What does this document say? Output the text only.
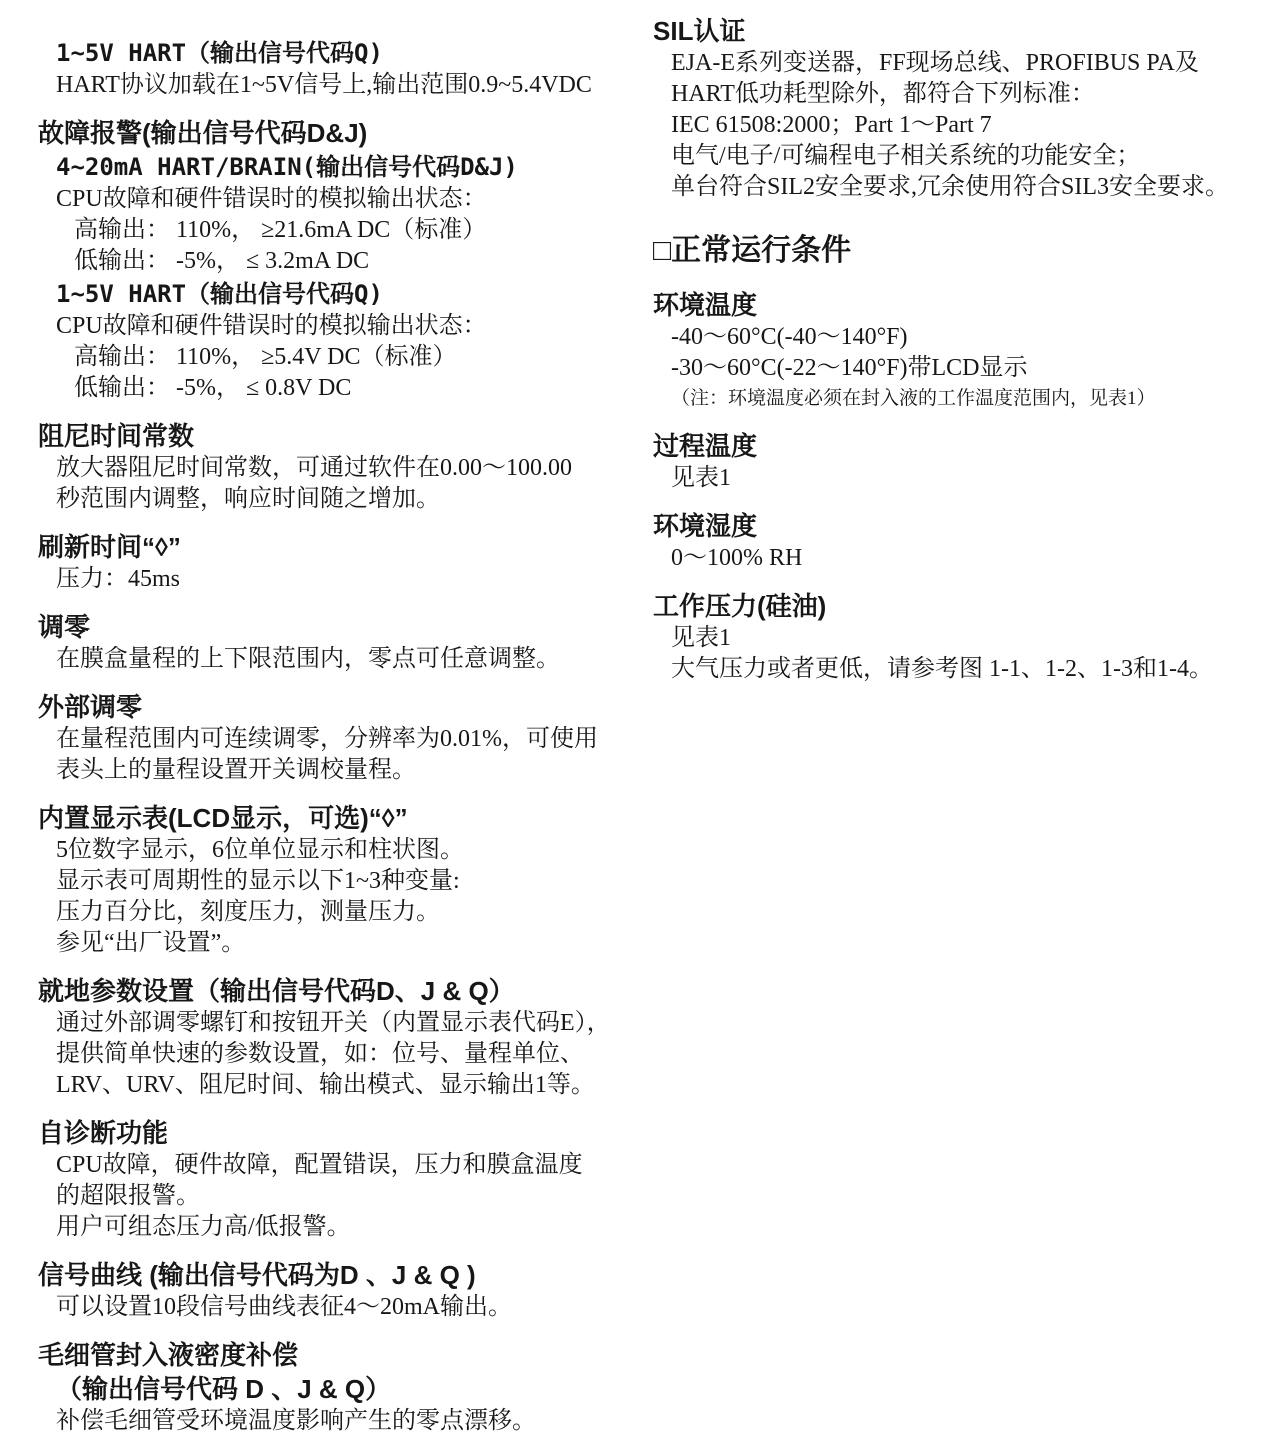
1~5V HART（输出信号代码Q)
HART协议加载在1~5V信号上,输出范围0.9~5.4VDC
故障报警(输出信号代码D&J)
4~20mA HART/BRAIN(输出信号代码D&J)
CPU故障和硬件错误时的模拟输出状态：
高输出： 110%， ≥21.6mA DC（标准）
低输出： -5%， ≤ 3.2mA DC
1~5V HART（输出信号代码Q)
CPU故障和硬件错误时的模拟输出状态：
高输出： 110%， ≥5.4V DC（标准）
低输出： -5%， ≤ 0.8V DC
阻尼时间常数
放大器阻尼时间常数，可通过软件在0.00～100.00
秒范围内调整，响应时间随之增加。
刷新时间“◊”
压力：45ms
调零
在膜盒量程的上下限范围内，零点可任意调整。
外部调零
在量程范围内可连续调零，分辨率为0.01%，可使用
表头上的量程设置开关调校量程。
内置显示表(LCD显示，可选)“◊”
5位数字显示，6位单位显示和柱状图。
显示表可周期性的显示以下1~3种变量:
压力百分比，刻度压力，测量压力。
参见“出厂设置”。
就地参数设置（输出信号代码D、J & Q）
通过外部调零螺钉和按钮开关（内置显示表代码E），
提供简单快速的参数设置，如：位号、量程单位、
LRV、URV、阻尼时间、输出模式、显示输出1等。
自诊断功能
CPU故障，硬件故障，配置错误，压力和膜盒温度
的超限报警。
用户可组态压力高/低报警。
信号曲线 (输出信号代码为D 、J & Q )
可以设置10段信号曲线表征4～20mA输出。
毛细管封入液密度补偿
（输出信号代码 D 、J & Q）
补偿毛细管受环境温度影响产生的零点漂移。
SIL认证
EJA-E系列变送器，FF现场总线、PROFIBUS PA及
HART低功耗型除外，都符合下列标准：
IEC 61508:2000；Part 1～Part 7
电气/电子/可编程电子相关系统的功能安全；
单台符合SIL2安全要求,冗余使用符合SIL3安全要求。
□正常运行条件
环境温度
-40～60°C(-40～140°F)
-30～60°C(-22～140°F)带LCD显示
（注：环境温度必须在封入液的工作温度范围内，见表1）
过程温度
见表1
环境湿度
0～100% RH
工作压力(硅油)
见表1
大气压力或者更低，请参考图 1-1、1-2、1-3和1-4。
